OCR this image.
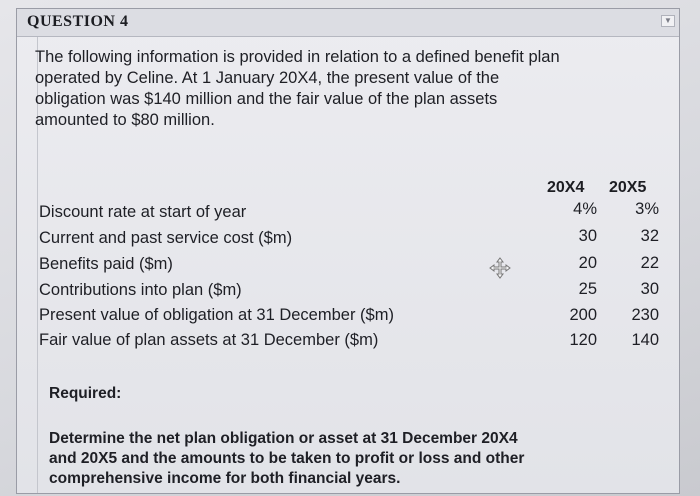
QUESTION 4	▼

The following information is provided in relation to a defined benefit plan

operated by Celine. At 1 January 20X4, the present value of the

obligation was $140 million and the fair value of the plan assets

amounted to $80 million.

20X4 20X5
Discount rate at start of year	4%	3%
Current and past service cost ($m)	30	32
Benefits paid ($m)	20	22
Contributions into plan ($m)	25	30
Present value of obligation at 31 December ($m)	200	230
Fair value of plan assets at 31 December ($m)	120	140
Required:

Determine the net plan obligation or asset at 31 December 20X4

and 20X5 and the amounts to be taken to profit or loss and other

comprehensive income for both financial years.
